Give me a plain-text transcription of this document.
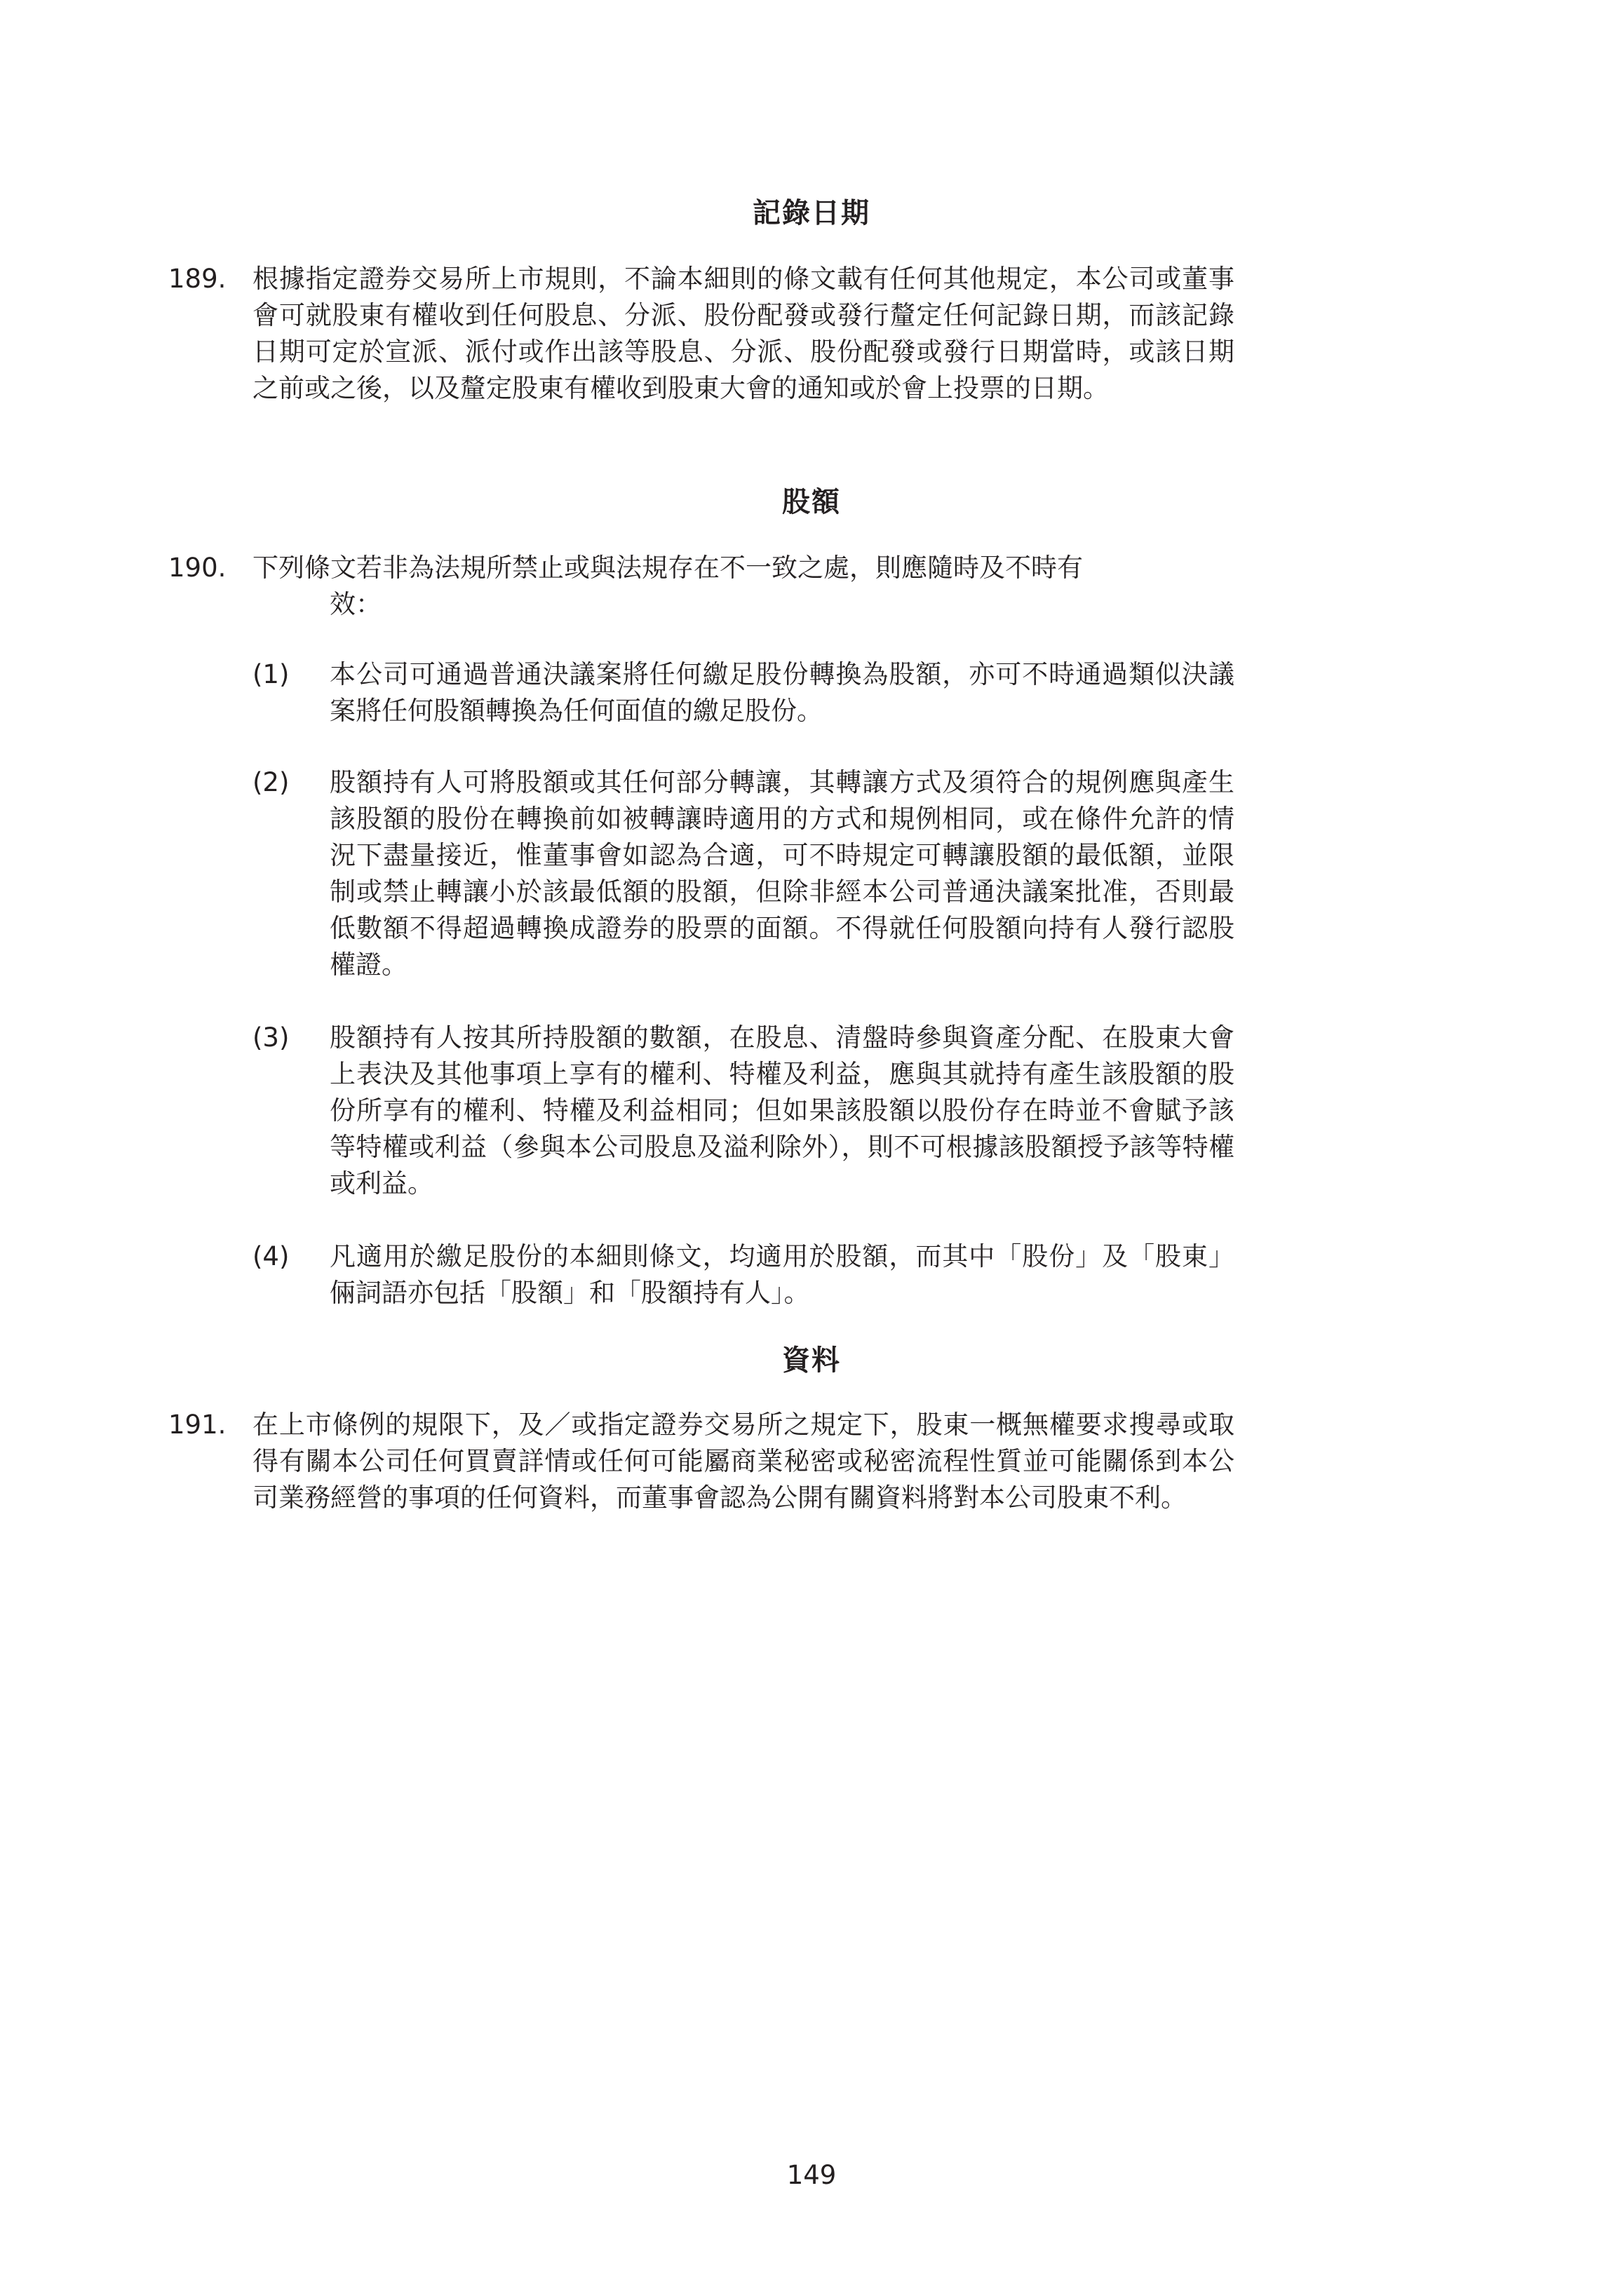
記錄日期
189.	根據指定證券交易所上市規則，不論本細則的條文載有任何其他規定，本公司或董事會可就股東有權收到任何股息、分派、股份配發或發行釐定任何記錄日期，而該記錄日期可定於宣派、派付或作出該等股息、分派、股份配發或發行日期當時，或該日期之前或之後，以及釐定股東有權收到股東大會的通知或於會上投票的日期。
股額
190.	下列條文若非為法規所禁止或與法規存在不一致之處，則應隨時及不時有
效：
(1)	本公司可通過普通決議案將任何繳足股份轉換為股額，亦可不時通過類似決議案將任何股額轉換為任何面值的繳足股份。
(2)	股額持有人可將股額或其任何部分轉讓，其轉讓方式及須符合的規例應與產生該股額的股份在轉換前如被轉讓時適用的方式和規例相同，或在條件允許的情況下盡量接近，惟董事會如認為合適，可不時規定可轉讓股額的最低額，並限制或禁止轉讓小於該最低額的股額，但除非經本公司普通決議案批准，否則最低數額不得超過轉換成證券的股票的面額。不得就任何股額向持有人發行認股權證。
(3)	股額持有人按其所持股額的數額，在股息、清盤時參與資產分配、在股東大會上表決及其他事項上享有的權利、特權及利益，應與其就持有產生該股額的股份所享有的權利、特權及利益相同；但如果該股額以股份存在時並不會賦予該等特權或利益（參與本公司股息及溢利除外），則不可根據該股額授予該等特權或利益。
(4)	凡適用於繳足股份的本細則條文，均適用於股額，而其中「股份」及「股東」倆詞語亦包括「股額」和「股額持有人」。
資料
191.	在上市條例的規限下，及／或指定證券交易所之規定下，股東一概無權要求搜尋或取得有關本公司任何買賣詳情或任何可能屬商業秘密或秘密流程性質並可能關係到本公司業務經營的事項的任何資料，而董事會認為公開有關資料將對本公司股東不利。
149
